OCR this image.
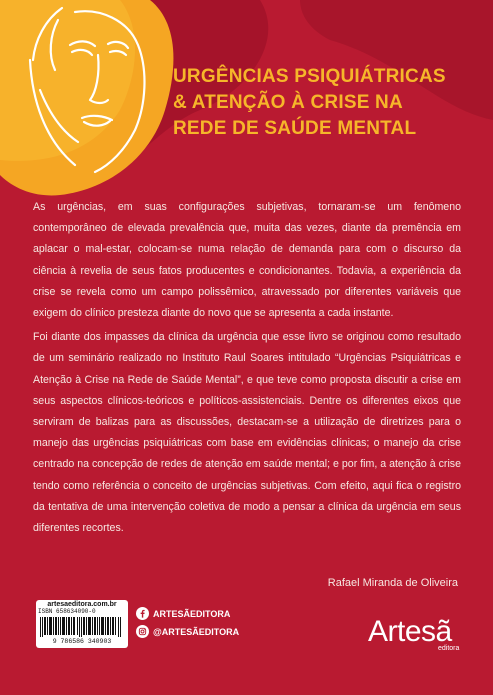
URGÊNCIAS PSIQUIÁTRICAS
& ATENÇÃO À CRISE NA
REDE DE SAÚDE MENTAL

As urgências, em suas configurações subjetivas, tornaram-se um fenômeno contemporâneo de elevada prevalência que, muita das vezes, diante da premência em aplacar o mal-estar, colocam-se numa relação de demanda para com o discurso da ciência à revelia de seus fatos producentes e condicionantes. Todavia, a experiência da crise se revela como um campo polissêmico, atravessado por diferentes variáveis que exigem do clínico presteza diante do novo que se apresenta a cada instante.

Foi diante dos impasses da clínica da urgência que esse livro se originou como resultado de um seminário realizado no Instituto Raul Soares intitulado “Urgências Psiquiátricas e Atenção à Crise na Rede de Saúde Mental”, e que teve como proposta discutir a crise em seus aspectos clínicos-teóricos e políticos-assistenciais. Dentre os diferentes eixos que serviram de balizas para as discussões, destacam-se a utilização de diretrizes para o manejo das urgências psiquiátricas com base em evidências clínicas; o manejo da crise centrado na concepção de redes de atenção em saúde mental; e por fim, a atenção à crise tendo como referência o conceito de urgências subjetivas. Com efeito, aqui fica o registro da tentativa de uma intervenção coletiva de modo a pensar a clínica da urgência em seus diferentes recortes.

Rafael Miranda de Oliveira
artesaeditora.com.br
ISBN 658634090-0
9 786586 340903
ARTESÃEDITORA
@ARTESÃEDITORA	Artesã
editora
